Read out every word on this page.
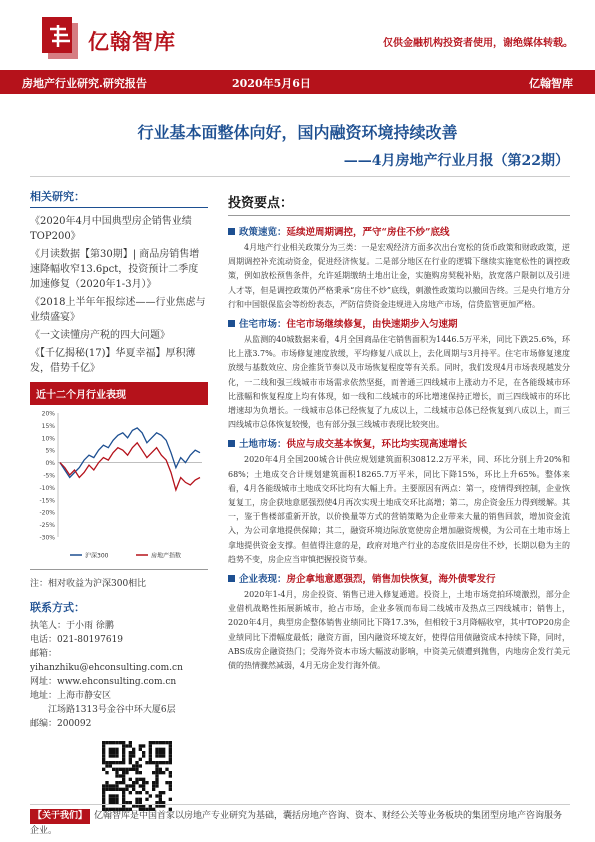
亿翰智库	仅供金融机构投资者使用，谢绝媒体转载。
房地产行业研究.研究报告	2020年5月6日	亿翰智库
行业基本面整体向好，国内融资环境持续改善
——4月房地产行业月报（第22期）
相关研究：
《2020年4月中国典型房企销售业绩TOP200》
《月读数据【第30期】| 商品房销售增速降幅收窄13.6pct，投资预计二季度加速修复（2020年1-3月）》
《2018上半年年报综述——行业焦虑与业绩盛宴》
《一文读懂房产税的四大问题》
《【千亿揭秘(17)】华夏幸福】厚积薄发，借势千亿》
近十二个月行业表现
20%
15%
10%
5%
0%
-5%
-10%
-15%
-20%
-25%
-30%
沪深300	房地产指数
注：相对收益为沪深300相比
联系方式：
执笔人：于小雨 徐鹏
电话：021-80197619
邮箱：yihanzhiku@ehconsulting.com.cn
网址：www.ehconsulting.com.cn
地址：上海市静安区
江场路1313号金谷中环大厦6层
邮编：200092
投资要点：
政策速览：延续逆周期调控，严守“房住不炒”底线
4月地产行业相关政策分为三类：一是宏观经济方面多次出台宽松的货币政策和财政政策，逆周期调控补充流动资金，促进经济恢复。二是部分地区在行业的逻辑下继续实施宽松性的调控政策，例如放松预售条件，允许延期缴纳土地出让金，实施购房契税补贴，放宽落户限制以及引进人才等，但是调控政策仍严格秉承“房住不炒”底线，刺激性政策均以撤回告终。三是央行地方分行和中国银保监会等纷纷表态，严防信贷资金违规进入房地产市场，信贷监管更加严格。
住宅市场：住宅市场继续修复，由快速期步入匀速期
从监测的40城数据来看，4月全国商品住宅销售面积为1446.5万平米，同比下跌25.6%，环比上涨3.7%。市场修复速度放缓，平均修复八成以上，去化周期与3月持平。住宅市场修复速度放缓与基数效应、房企推货节奏以及市场恢复程度等有关系。同时，我们发现4月市场表现越发分化，一二线和强三线城市市场需求依然坚挺，而普通三四线城市上涨动力不足，在各能级城市环比涨幅和恢复程度上均有体现，如一线和二线城市的环比增速保持正增长，而三四线城市的环比增速却为负增长。一线城市总体已经恢复了九成以上，二线城市总体已经恢复到八成以上，而三四线城市总体恢复较慢，也有部分强三线城市表现比较突出。
土地市场：供应与成交基本恢复，环比均实现高速增长
2020年4月全国200城合计供应规划建筑面积30812.2万平米，同、环比分别上升20%和68%；土地成交合计规划建筑面积18265.7万平米，同比下降15%，环比上升65%。整体来看，4月各能级城市土地成交环比均有大幅上升。主要原因有两点：第一，疫情得到控制，企业恢复复工，房企获地意愿强烈使4月再次实现土地成交环比高增；第二，房企资金压力得到缓解。其一，鉴于售楼部重新开放，以价换量等方式的营销策略为企业带来大量的销售回款，增加资金流入，为公司拿地提供保障；其二，融资环境边际放宽使房企增加融资规模，为公司在土地市场上拿地提供资金支撑。但值得注意的是，政府对地产行业的态度依旧是房住不炒，长期以稳为主的趋势不变，房企应当审慎把握投资节奏。
企业表现：房企拿地意愿强烈，销售加快恢复，海外债零发行
2020年1-4月，房企投资、销售已进入修复通道。投资上，土地市场竞拍环境激烈，部分企业借机战略性拓展新城市，抢占市场，企业多领而布局二线城市及热点三四线城市；销售上，2020年4月，典型房企整体销售业绩同比下降17.3%，但相较于3月降幅收窄，其中TOP20房企业绩同比下滑幅度最低；融资方面，国内融资环境友好，使得信用债融资成本持续下降，同时，ABS成房企融资热门；受海外资本市场大幅波动影响，中资美元债遭到抛售，内地房企发行美元债的热情骤然减弱，4月无房企发行海外债。
【关于我们】 亿翰智库是中国首家以房地产专业研究为基础，囊括房地产咨询、资本、财经公关等业务板块的集团型房地产咨询服务企业。
